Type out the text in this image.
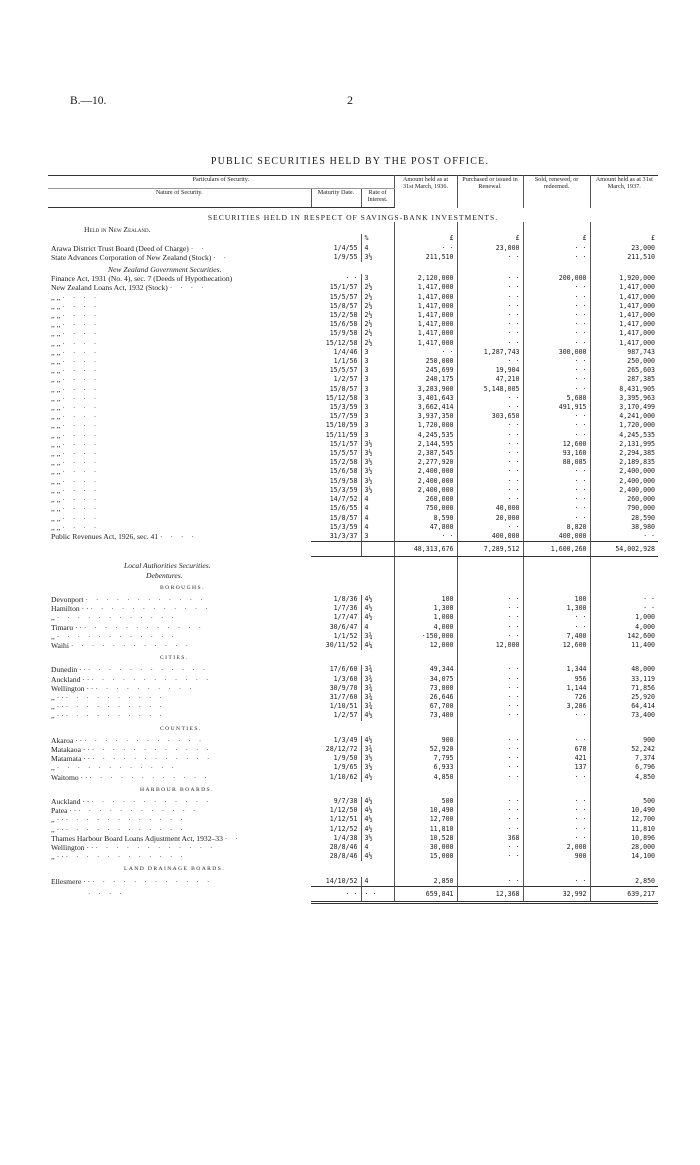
B.—10.	2
PUBLIC SECURITIES HELD BY THE POST OFFICE.
Particulars of Security.			Amount held as at 31st March, 1936.	Purchased or issued in Renewal.	Sold, renewed, or redeemed.	Amount held as at 31st March, 1937.
Nature of Security.	Maturity Date.	Rate of Interest.				
SECURITIES HELD IN RESPECT OF SAVINGS-BANK INVESTMENTS.						
Held in New Zealand.						
		%	£	£	£	£
Arawa District Trust Board (Deed of Charge) · ·	1/4/55	4	· ·	23,000	· ·	23,000
State Advances Corporation of New Zealand (Stock) · ·	1/9/55	3½	211,510	· ·	· ·	211,510
New Zealand Government Securities.						
Finance Act, 1931 (No. 4), sec. 7 (Deeds of Hypothecation)	· ·	3	2,120,000	· ·	200,000	1,920,000
New Zealand Loans Act, 1932 (Stock) · · · ·	15/1/57	2½	1,417,000	· ·	· ·	1,417,000
,, ,, · · · ·	15/5/57	2½	1,417,000	· ·	· ·	1,417,000
,, ,, · · · ·	15/8/57	2½	1,417,000	· ·	· ·	1,417,000
,, ,, · · · ·	15/2/58	2½	1,417,000	· ·	· ·	1,417,000
,, ,, · · · ·	15/6/58	2½	1,417,000	· ·	· ·	1,417,000
,, ,, · · · ·	15/9/58	2½	1,417,000	· ·	· ·	1,417,000
,, ,, · · · ·	15/12/58	2½	1,417,000	· ·	· ·	1,417,000
,, ,, · · · ·	1/4/46	3	· ·	1,287,743	300,000	987,743
,, ,, · · · ·	1/1/56	3	250,000	· ·	· ·	250,000
,, ,, · · · ·	15/5/57	3	245,699	19,904	· ·	265,603
,, ,, · · · ·	1/2/57	3	240,175	47,210	· ·	287,385
,, ,, · · · ·	15/8/57	3	3,283,900	5,148,005	· ·	8,431,905
,, ,, · · · ·	15/12/58	3	3,401,643	· ·	5,680	3,395,963
,, ,, · · · ·	15/3/59	3	3,662,414	· ·	491,915	3,170,499
,, ,, · · · ·	15/7/59	3	3,937,350	303,650	· ·	4,241,000
,, ,, · · · ·	15/10/59	3	1,720,000	· ·	· ·	1,720,000
,, ,, · · · ·	15/11/59	3	4,245,535	· ·	· ·	4,245,535
,, ,, · · · ·	15/1/57	3½	2,144,595	· ·	12,600	2,131,995
,, ,, · · · ·	15/5/57	3½	2,387,545	· ·	93,160	2,294,385
,, ,, · · · ·	15/2/58	3½	2,277,920	· ·	88,085	2,189,835
,, ,, · · · ·	15/6/58	3½	2,400,000	· ·	· ·	2,400,000
,, ,, · · · ·	15/9/58	3½	2,400,000	· ·	· ·	2,400,000
,, ,, · · · ·	15/3/59	3½	2,400,000	· ·	· ·	2,400,000
,, ,, · · · ·	14/7/52	4	260,000	· ·	· ·	260,000
,, ,, · · · ·	15/6/55	4	750,000	40,000	· ·	790,000
,, ,, · · · ·	15/8/57	4	8,590	20,000	· ·	28,590
,, ,, · · · ·	15/3/59	4	47,800	· ·	8,820	38,980
Public Revenues Act, 1926, sec. 41 · · · ·	31/3/37	3	· ·	400,000	400,000	· ·
			48,313,676	7,289,512	1,600,260	54,002,928
Local Authorities Securities.						
Debentures.						
BOROUGHS.						
Devonport · · · · · · · · · · · ·	1/8/36	4½	100	· ·	100	· ·
Hamilton · · · · · · · · · · · · · ·	1/7/36	4½	1,300	· ·	1,300	· ·
,, · · · · · · · · · · · ·	1/7/47	4½	1,000	· ·	· ·	1,000
Timaru · · · · · · · · · · · · · ·	30/6/47	4	4,000	· ·	· ·	4,000
,, · · · · · · · · · · · ·	1/1/52	3¾	·150,000	· ·	7,400	142,600
Waihi · · · · · · · · · · · ·	30/11/52	4¼	12,000	12,000	12,600	11,400
CITIES.						
Dunedin · · · · · · · · · · · · · ·	17/6/60	3¾	49,344	· ·	1,344	48,000
Auckland · · · · · · · · · · · · · ·	1/3/60	3¾	34,075	· ·	956	33,119
Wellington · · · · · · · · · · · ·	30/9/70	3¾	73,000	· ·	1,144	71,856
,, · · · · · · · · · · · ·	31/7/60	3¾	26,646	· ·	726	25,920
,, · · · · · · · · · · · ·	1/10/51	3¾	67,700	· ·	3,286	64,414
,, · · · · · · · · · · · ·	1/2/57	4½	73,400	· ·	· ·	73,400
COUNTIES.						
Akaroa · · · · · · · · · · · · · ·	1/3/49	4½	900	· ·	· ·	900
Matakaoa · · · · · · · · · · · · · ·	28/12/72	3¾	52,920	· ·	678	52,242
Matamata · · · · · · · · · · · · · ·	1/9/50	3½	7,795	· ·	421	7,374
,, · · · · · · · · · · · ·	1/9/65	3½	6,933	· ·	137	6,796
Waitomo · · · · · · · · · · · · · ·	1/10/62	4½	4,850	· ·	· ·	4,850
HARBOUR BOARDS.						
Auckland · · · · · · · · · · · · · ·	9/7/38	4½	500	· ·	· ·	500
Patea · · · · · · · · · · · · · ·	1/12/50	4½	10,490	· ·	· ·	10,490
,, · · · · · · · · · · · · · ·	1/12/51	4½	12,700	· ·	· ·	12,700
,, · · · · · · · · · · · · · ·	1/12/52	4½	11,810	· ·	· ·	11,810
Thames Harbour Board Loans Adjustment Act, 1932–33 · ·	1/4/38	3½	10,528	368	· ·	10,896
Wellington · · · · · · · · · · · · · ·	28/8/46	4	30,000	· ·	2,000	28,000
,, · · · · · · · · · · · · · ·	28/8/46	4½	15,000	· ·	900	14,100
LAND DRAINAGE BOARDS.						
Ellesmere · · · · · · · · · · · · · ·	14/10/52	4	2,850	· ·	· ·	2,850
· · · ·	· ·	· ·	659,841	12,368	32,992	639,217
